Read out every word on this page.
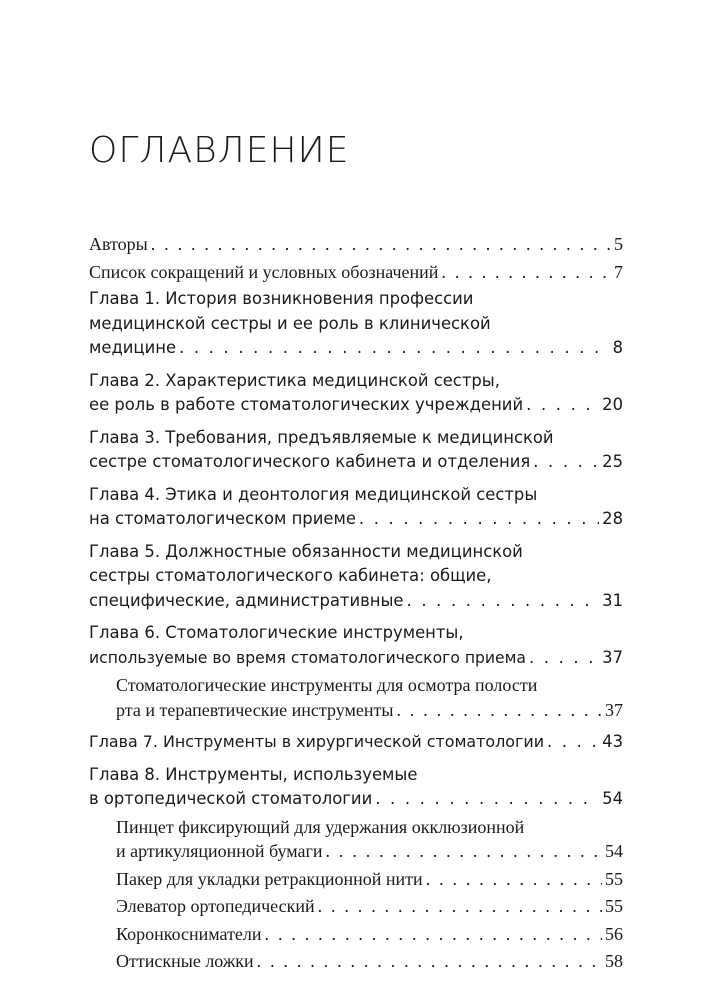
ОГЛАВЛЕНИЕ
Авторы . . .	5
Список сокращений и условных обозначений . . .	7
Глава 1. История возникновения профессии
медицинской сестры и ее роль в клинической
медицине . . .	8
Глава 2. Характеристика медицинской сестры,
ее роль в работе стоматологических учреждений . . .	20
Глава 3. Требования, предъявляемые к медицинской
сестре стоматологического кабинета и отделения . . .	25
Глава 4. Этика и деонтология медицинской сестры
на стоматологическом приеме . . .	28
Глава 5. Должностные обязанности медицинской
сестры стоматологического кабинета: общие,
специфические, административные . . .	31
Глава 6. Стоматологические инструменты,
используемые во время стоматологического приема . . .	37
Стоматологические инструменты для осмотра полости
рта и терапевтические инструменты . . .	37
Глава 7. Инструменты в хирургической стоматологии . . .	43
Глава 8. Инструменты, используемые
в ортопедической стоматологии . . .	54
Пинцет фиксирующий для удержания окклюзионной
и артикуляционной бумаги . . .	54
Пакер для укладки ретракционной нити . . .	55
Элеватор ортопедический . . .	55
Коронкосниматели . . .	56
Оттискные ложки . . .	58
